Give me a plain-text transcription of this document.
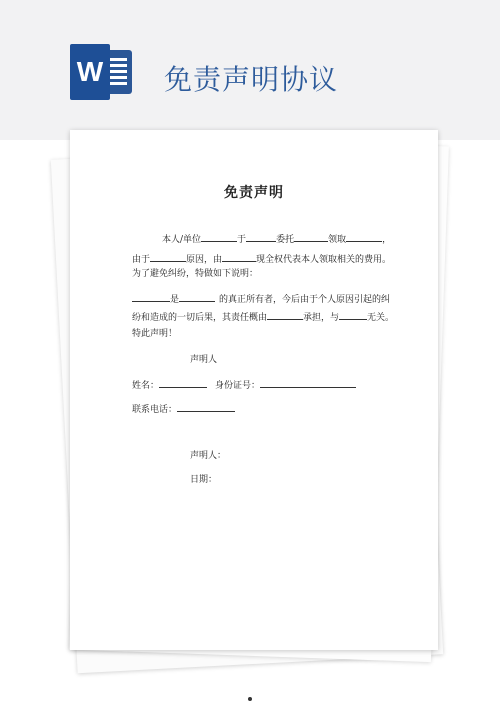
W 免责声明协议
免责声明
本人/单位	于	委托	领取	，
由于	原因，由	现全权代表本人领取相关的费用。
为了避免纠纷，特做如下说明：
是	的真正所有者，今后由于个人原因引起的纠
纷和造成的一切后果，其责任概由	承担，与	无关。
特此声明！
声明人
姓名：	身份证号：
联系电话：
声明人：
日期：
